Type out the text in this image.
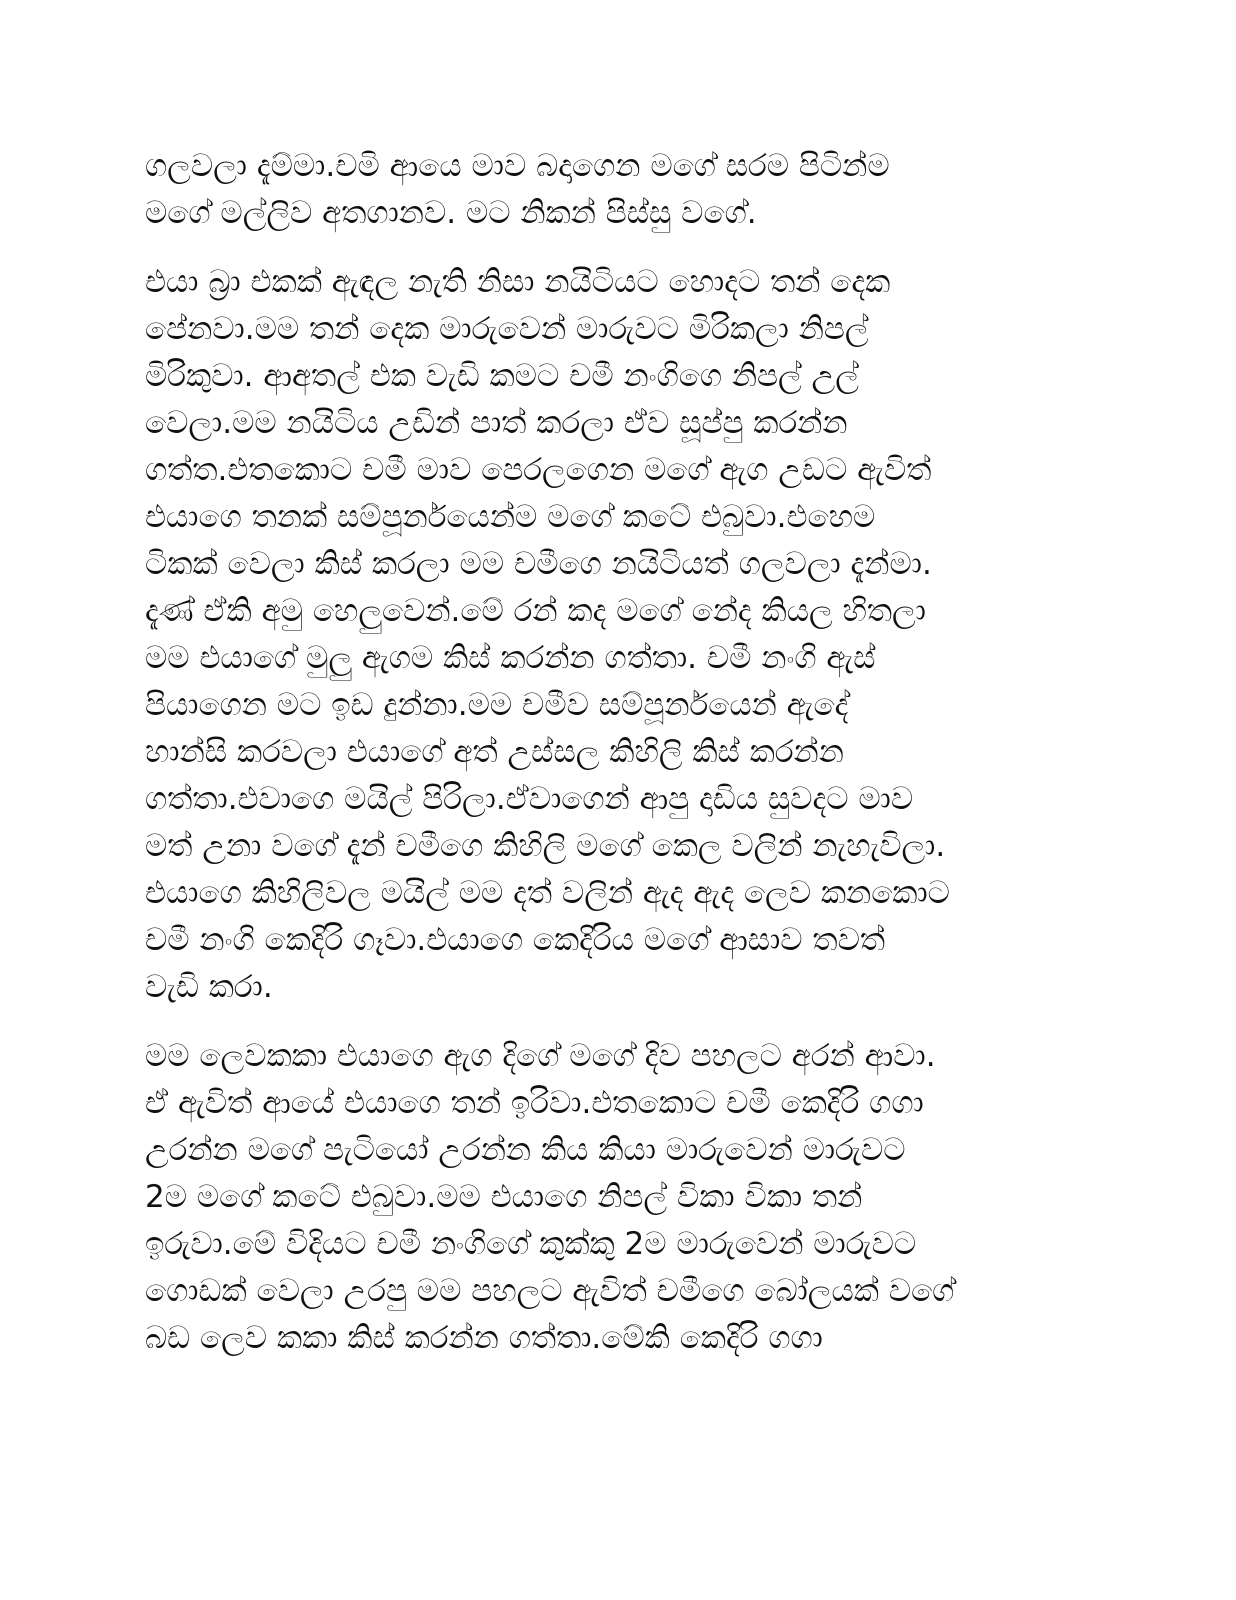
ගලවලා දැම්මා.චමි ආයෙ මාව බදාගෙන මගේ සරම පිටින්ම
මගේ මල්ලිව අතගානව. මට නිකන් පිස්සු වගේ.
එයා බ්‍රා එකක් ඇඳල නැති නිසා නයිටියට හොදට තන් දෙක
පේනවා.මම තන් දෙක මාරුවෙන් මාරුවට මිරිකලා නිපල්
මිරිකුවා. ආඅතල් එක වැඩි කමට චමී නංගිගෙ නිපල් උල්
වෙලා.මම නයිටිය උඩින් පාත් කරලා ඒව සූප්පු කරන්න
ගත්ත.එතකොට චමී මාව පෙරලගෙන මගේ ඇග උඩට ඇවිත්
එයාගෙ තනක් සම්පූර්නයෙන්ම මගේ කටේ එබුවා.එහෙම
ටිකක් වෙලා කිස් කරලා මම චමීගෙ නයිටියත් ගලවලා දැන්මා.
දැණ් ඒකි අමු හෙලුවෙන්.මේ රන් කද මගේ නේද කියල හිතලා
මම එයාගේ මුලු ඇගම කිස් කරන්න ගත්තා. චමී නංගි ඇස්
පියාගෙන මට ඉඩ දුන්නා.මම චමීව සම්පූර්නයෙන් ඇදේ
හාන්සි කරවලා එයාගේ අත් උස්සල කිහිලි කිස් කරන්න
ගත්තා.එවාගෙ මයිල් පිරිලා.ඒවාගෙන් ආපු දාඩිය සුවදට මාව
මත් උනා වගේ දැන් චමීගෙ කිහිලි මගේ කෙල වලින් නැහැවිලා.
එයාගෙ කිහිලිවල මයිල් මම දත් වලින් ඇද ඇද ලෙව කනකොට
චමී නංගි කෙදිරි ගෑවා.එයාගෙ කෙදිරිය මගේ ආසාව තවත්
වැඩි කරා.
මම ලෙවකකා එයාගෙ ඇග දිගේ මගේ දිව පහලට අරන් ආවා.
ඒ ඇවිත් ආයේ එයාගෙ තන් ඉරිවා.එතකොට චමී කෙදිරි ගගා
උරන්න මගේ පැටියෝ උරන්න කිය කියා මාරුවෙන් මාරුවට
2ම මගේ කටේ එබුවා.මම එයාගෙ නිපල් විකා විකා තන්
ඉරුවා.මේ විදියට චමී නංගිගේ කුක්කු 2ම මාරුවෙන් මාරුවට
ගොඩක් වෙලා උරපු මම පහලට ඇවිත් චමීගෙ බෝලයක් වගේ
බඩ ලෙව කකා කිස් කරන්න ගත්තා.මේකි කෙදිරි ගගා
